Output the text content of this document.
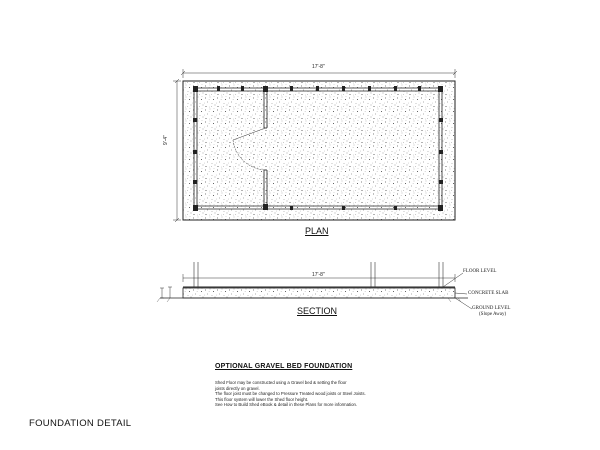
17'-8"
9'-4"
PLAN
17'-8"
FLOOR LEVEL
CONCRETE SLAB
GROUND LEVEL
(Slope Away)
SECTION
OPTIONAL GRAVEL BED FOUNDATION
Shed Floor may be constructed using a Gravel bed & setting the floor
joists directly on gravel.
The floor joist must be changed to Pressure Treated wood joists or Steel Joists.
This floor system will lower the Shed floor height.
See How to Build Shed eBook & detail in these Plans for more information.
FOUNDATION DETAIL
